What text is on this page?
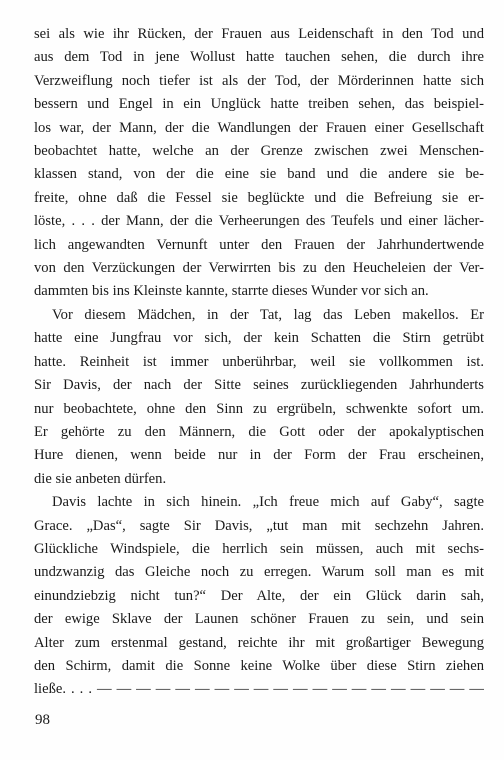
sei als wie ihr Rücken, der Frauen aus Leidenschaft in den Tod und
aus dem Tod in jene Wollust hatte tauchen sehen, die durch ihre
Verzweiflung noch tiefer ist als der Tod, der Mörderinnen hatte sich
bessern und Engel in ein Unglück hatte treiben sehen, das beispiel-
los war, der Mann, der die Wandlungen der Frauen einer Gesellschaft
beobachtet hatte, welche an der Grenze zwischen zwei Menschen-
klassen stand, von der die eine sie band und die andere sie be-
freite, ohne daß die Fessel sie beglückte und die Befreiung sie er-
löste, . . . der Mann, der die Verheerungen des Teufels und einer lächer-
lich angewandten Vernunft unter den Frauen der Jahrhundertwende
von den Verzückungen der Verwirrten bis zu den Heucheleien der Ver-
dammten bis ins Kleinste kannte, starrte dieses Wunder vor sich an.

Vor diesem Mädchen, in der Tat, lag das Leben makellos. Er
hatte eine Jungfrau vor sich, der kein Schatten die Stirn getrübt
hatte. Reinheit ist immer unberührbar, weil sie vollkommen ist.
Sir Davis, der nach der Sitte seines zurückliegenden Jahrhunderts
nur beobachtete, ohne den Sinn zu ergrübeln, schwenkte sofort um.
Er gehörte zu den Männern, die Gott oder der apokalyptischen
Hure dienen, wenn beide nur in der Form der Frau erscheinen,
die sie anbeten dürfen.

Davis lachte in sich hinein. „Ich freue mich auf Gaby“, sagte
Grace. „Das“, sagte Sir Davis, „tut man mit sechzehn Jahren.
Glückliche Windspiele, die herrlich sein müssen, auch mit sechs-
undzwanzig das Gleiche noch zu erregen. Warum soll man es mit
einundziebzig nicht tun?“ Der Alte, der ein Glück darin sah,
der ewige Sklave der Launen schöner Frauen zu sein, und sein
Alter zum erstenmal gestand, reichte ihr mit großartiger Bewegung
den Schirm, damit die Sonne keine Wolke über diese Stirn ziehen
ließe. . . . — — — — — — — — — — — — — — — — — — — —

98
